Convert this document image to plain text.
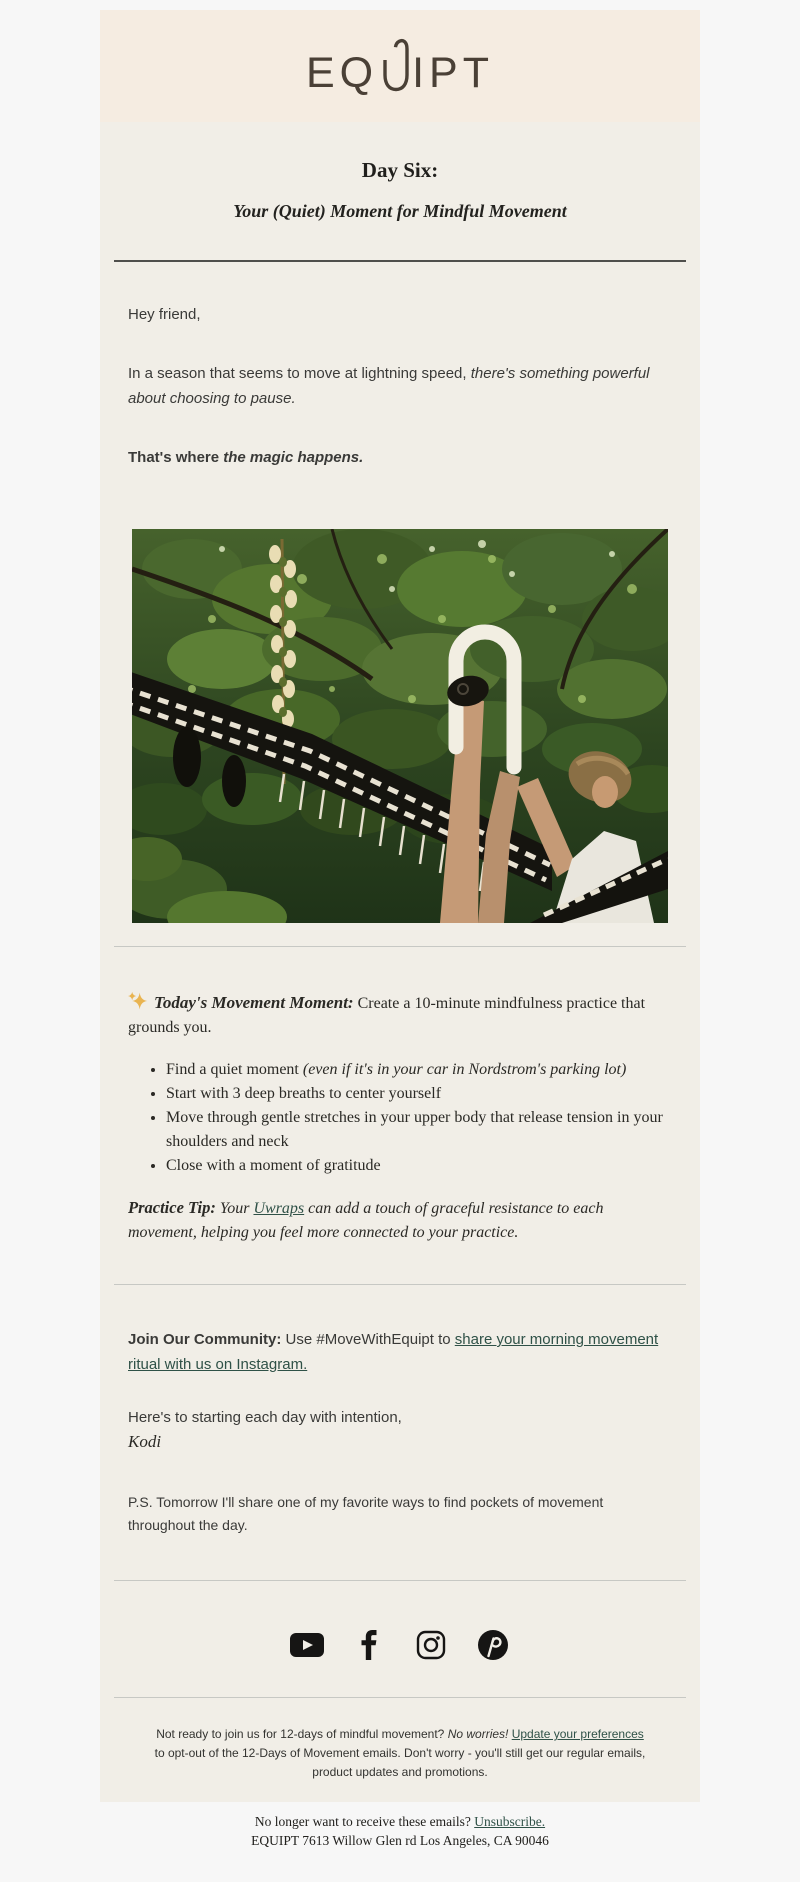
EQ IPT
Day Six:
Your (Quiet) Moment for Mindful Movement

Hey friend,

In a season that seems to move at lightning speed, there's something powerful about choosing to pause.

That's where the magic happens.

Today's Movement Moment: Create a 10-minute mindfulness practice that grounds you.

• Find a quiet moment (even if it's in your car in Nordstrom's parking lot)
• Start with 3 deep breaths to center yourself
• Move through gentle stretches in your upper body that release tension in your shoulders and neck
• Close with a moment of gratitude

Practice Tip: Your Uwraps can add a touch of graceful resistance to each movement, helping you feel more connected to your practice.

Join Our Community: Use #MoveWithEquipt to share your morning movement ritual with us on Instagram.

Here's to starting each day with intention,

Kodi

P.S. Tomorrow I'll share one of my favorite ways to find pockets of movement throughout the day.

Not ready to join us for 12-days of mindful movement? No worries! Update your preferences to opt-out of the 12-Days of Movement emails. Don't worry - you'll still get our regular emails, product updates and promotions.

No longer want to receive these emails? Unsubscribe.

EQUIPT 7613 Willow Glen rd Los Angeles, CA 90046
